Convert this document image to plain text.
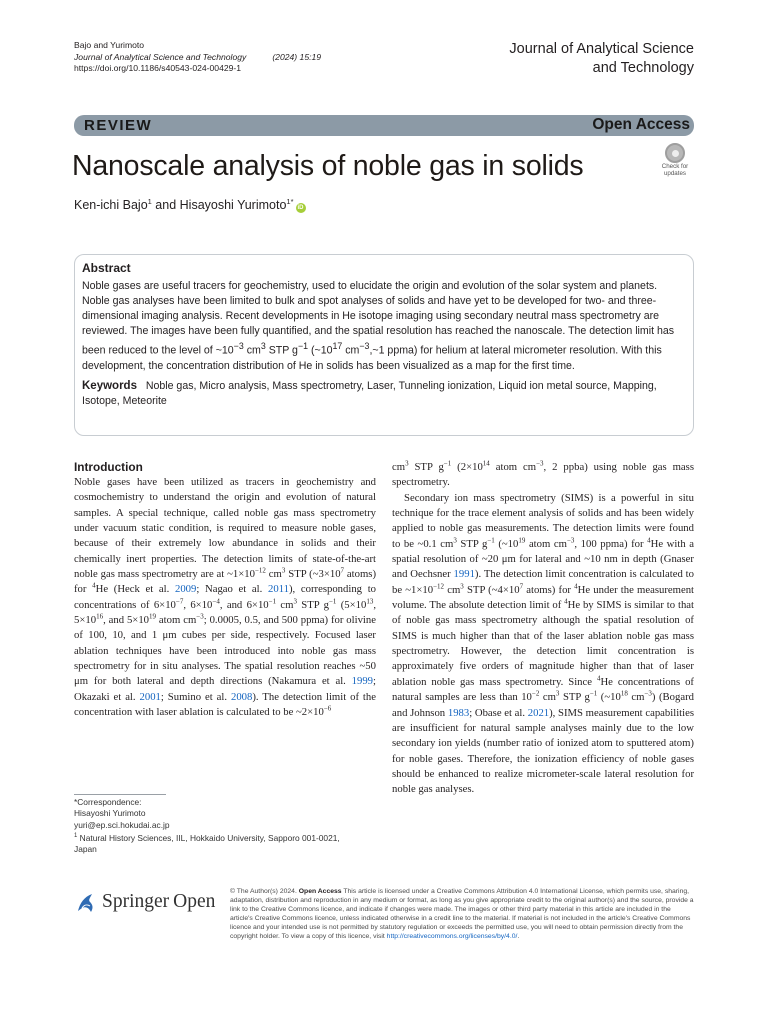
Bajo and Yurimoto
Journal of Analytical Science and Technology	(2024) 15:19
https://doi.org/10.1186/s40543-024-00429-1
Journal of Analytical Science
and Technology
REVIEW	Open Access
Nanoscale analysis of noble gas in solids	Check for
updates
Ken-ichi Bajo$^1$ and Hisayoshi Yurimoto$^{1*}$iD
Abstract
Noble gases are useful tracers for geochemistry, used to elucidate the origin and evolution of the solar system and planets. Noble gas analyses have been limited to bulk and spot analyses of solids and have yet to be developed for two- and three-dimensional imaging analysis. Recent developments in He isotope imaging using secondary neutral mass spectrometry are reviewed. The images have been fully quantified, and the spatial resolution has reached the nanoscale. The detection limit has been reduced to the level of $\sim 10^{-3}$ $cm^3$ STP $g^{-1}$ ($\sim 10^{17}$ $cm^{-3},\sim 1$ ppma) for helium at lateral micrometer resolution. With this development, the concentration distribution of He in solids has been visualized as a map for the first time.
Keywords Noble gas, Micro analysis, Mass spectrometry, Laser, Tunneling ionization, Liquid ion metal source, Mapping, Isotope, Meteorite
Introduction

Noble gases have been utilized as tracers in geochemistry and cosmochemistry to understand the origin and evolution of natural samples. A special technique, called noble gas mass spectrometry under vacuum static condition, is required to measure noble gases, because of their extremely low abundance in solids and their chemically inert properties. The detection limits of state-of-the-art noble gas mass spectrometry are at $\sim 1\times 10^{-12}$ $cm^3$ STP ($\sim 3\times 10^7$ atoms) for $^4$He (Heck et al. 2009; Nagao et al. 2011), corresponding to concentrations of $6\times 10^{-7}$, $6\times 10^{-4}$, and $6\times 10^{-1}$ $cm^3$ STP $g^{-1}$ ($5\times 10^{13}$, $5\times 10^{16}$, and $5\times 10^{19}$ atom $cm^{-3}$; 0.0005, 0.5, and 500 ppma) for olivine of 100, 10, and 1 μm cubes per side, respectively. Focused laser ablation techniques have been introduced into noble gas mass spectrometry for in situ analyses. The spatial resolution reaches ~50 μm for both lateral and depth directions (Nakamura et al. 1999; Okazaki et al. 2001; Sumino et al. 2008). The detection limit of the concentration with laser ablation is calculated to be $\sim 2\times 10^{-6}$

$cm^3$ STP $g^{-1}$ ($2\times 10^{14}$ atom $cm^{-3}$, 2 ppba) using noble gas mass spectrometry.

Secondary ion mass spectrometry (SIMS) is a powerful in situ technique for the trace element analysis of solids and has been widely applied to noble gas measurements. The detection limits were found to be ~0.1 $cm^3$ STP $g^{-1}$ ($\sim 10^{19}$ atom $cm^{-3}$, 100 ppma) for $^4$He with a spatial resolution of ~20 μm for lateral and ~10 nm in depth (Gnaser and Oechsner 1991). The detection limit concentration is calculated to be $\sim 1\times 10^{-12}$ $cm^3$ STP ($\sim 4\times 10^7$ atoms) for $^4$He under the measurement volume. The absolute detection limit of $^4$He by SIMS is similar to that of noble gas mass spectrometry although the spatial resolution of SIMS is much higher than that of the laser ablation noble gas mass spectrometry. However, the detection limit concentration is approximately five orders of magnitude higher than that of laser ablation noble gas mass spectrometry. Since $^4$He concentrations of natural samples are less than $10^{-2}$ $cm^3$ STP $g^{-1}$ ($\sim 10^{18}$ $cm^{-3}$) (Bogard and Johnson 1983; Obase et al. 2021), SIMS measurement capabilities are insufficient for natural sample analyses mainly due to the low secondary ion yields (number ratio of ionized atom to sputtered atom) for noble gases. Therefore, the ionization efficiency of noble gases should be enhanced to realize micrometer-scale lateral resolution for noble gas analyses.

*Correspondence:
Hisayoshi Yurimoto
yuri@ep.sci.hokudai.ac.jp
$^1$ Natural History Sciences, IIL, Hokkaido University, Sapporo 001-0021,
Japan
Springer Open © The Author(s) 2024. Open Access This article is licensed under a Creative Commons Attribution 4.0 International License, which permits use, sharing, adaptation, distribution and reproduction in any medium or format, as long as you give appropriate credit to the original author(s) and the source, provide a link to the Creative Commons licence, and indicate if changes were made. The images or other third party material in this article are included in the article's Creative Commons licence, unless indicated otherwise in a credit line to the material. If material is not included in the article's Creative Commons licence and your intended use is not permitted by statutory regulation or exceeds the permitted use, you will need to obtain permission directly from the copyright holder. To view a copy of this licence, visit http://creativecommons.org/licenses/by/4.0/.
